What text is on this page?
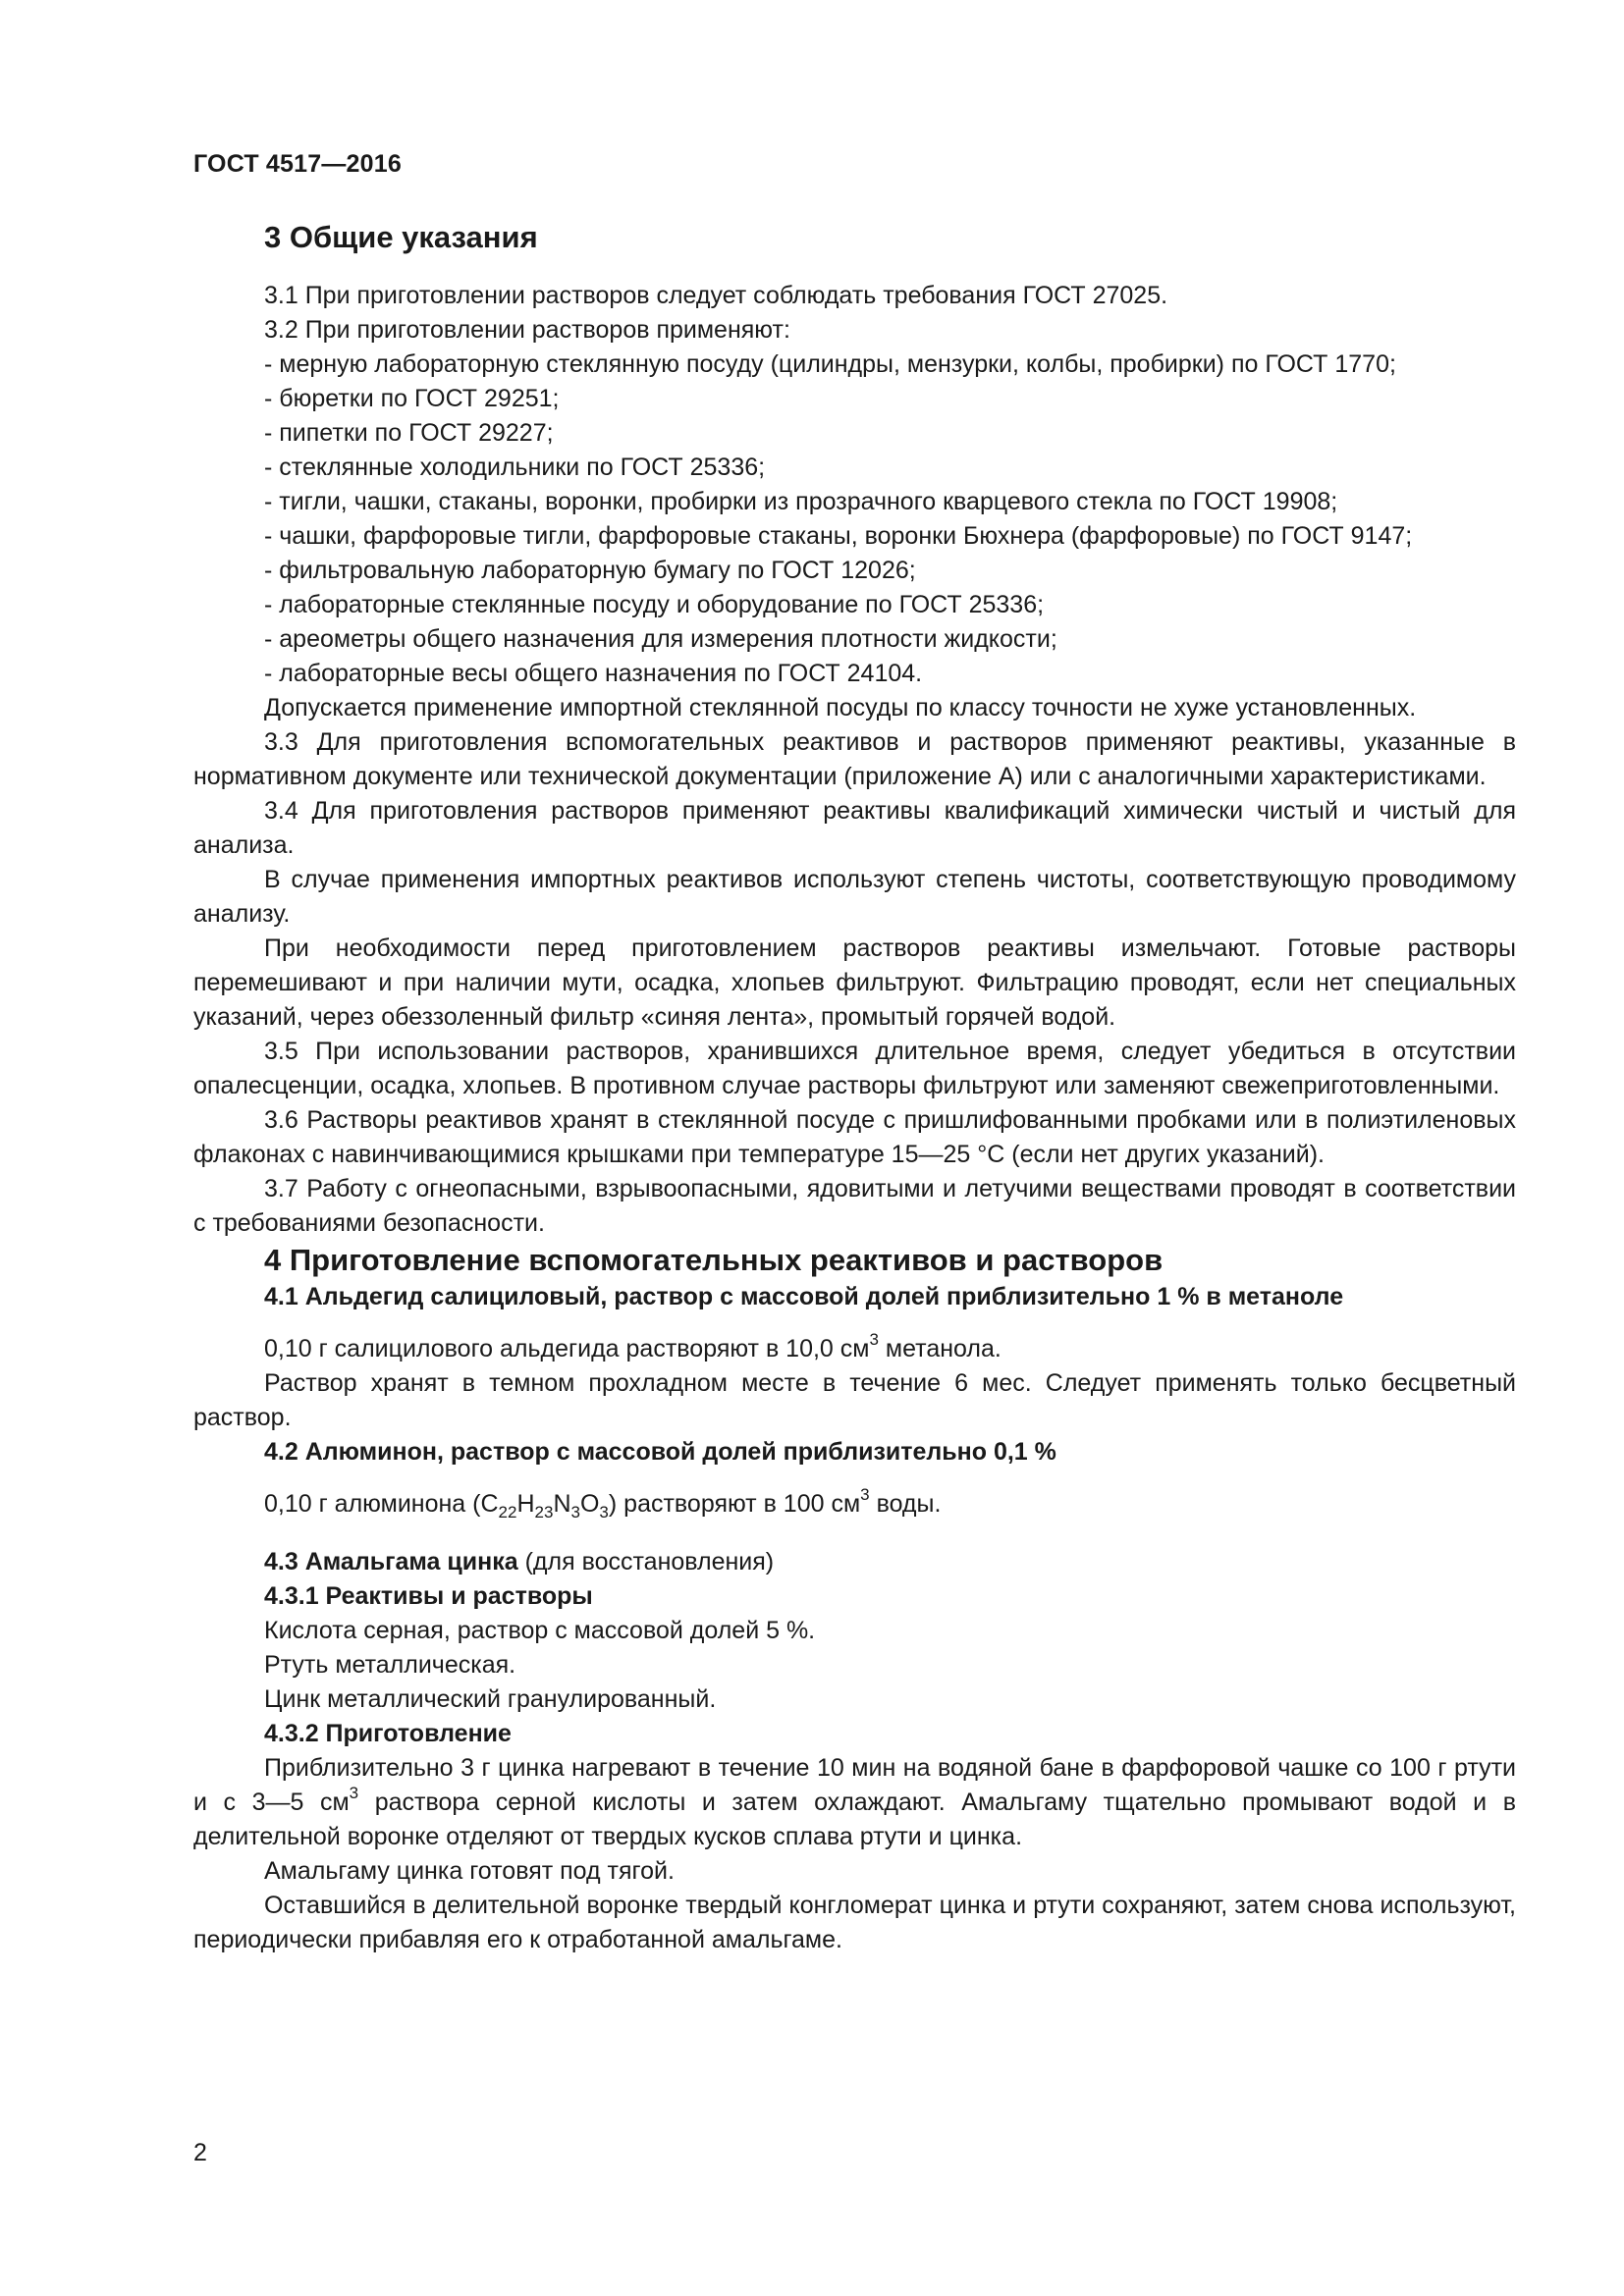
ГОСТ 4517—2016
3 Общие указания

3.1 При приготовлении растворов следует соблюдать требования ГОСТ 27025.

3.2 При приготовлении растворов применяют:

- мерную лабораторную стеклянную посуду (цилиндры, мензурки, колбы, пробирки) по ГОСТ 1770;

- бюретки по ГОСТ 29251;

- пипетки по ГОСТ 29227;

- стеклянные холодильники по ГОСТ 25336;

- тигли, чашки, стаканы, воронки, пробирки из прозрачного кварцевого стекла по ГОСТ 19908;

- чашки, фарфоровые тигли, фарфоровые стаканы, воронки Бюхнера (фарфоровые) по ГОСТ 9147;

- фильтровальную лабораторную бумагу по ГОСТ 12026;

- лабораторные стеклянные посуду и оборудование по ГОСТ 25336;

- ареометры общего назначения для измерения плотности жидкости;

- лабораторные весы общего назначения по ГОСТ 24104.

Допускается применение импортной стеклянной посуды по классу точности не хуже установленных.

3.3 Для приготовления вспомогательных реактивов и растворов применяют реактивы, указанные в нормативном документе или технической документации (приложение А) или с аналогичными характеристиками.

3.4 Для приготовления растворов применяют реактивы квалификаций химически чистый и чистый для анализа.

В случае применения импортных реактивов используют степень чистоты, соответствующую проводимому анализу.

При необходимости перед приготовлением растворов реактивы измельчают. Готовые растворы перемешивают и при наличии мути, осадка, хлопьев фильтруют. Фильтрацию проводят, если нет специальных указаний, через обеззоленный фильтр «синяя лента», промытый горячей водой.

3.5 При использовании растворов, хранившихся длительное время, следует убедиться в отсутствии опалесценции, осадка, хлопьев. В противном случае растворы фильтруют или заменяют свежеприготовленными.

3.6 Растворы реактивов хранят в стеклянной посуде с пришлифованными пробками или в полиэтиленовых флаконах с навинчивающимися крышками при температуре 15—25 °С (если нет других указаний).

3.7 Работу с огнеопасными, взрывоопасными, ядовитыми и летучими веществами проводят в соответствии с требованиями безопасности.

4 Приготовление вспомогательных реактивов и растворов
4.1 Альдегид салициловый, раствор с массовой долей приблизительно 1 % в метаноле

0,10 г салицилового альдегида растворяют в 10,0 $см^3$ метанола.

Раствор хранят в темном прохладном месте в течение 6 мес. Следует применять только бесцветный раствор.

4.2 Алюминон, раствор с массовой долей приблизительно 0,1 %

0,10 г алюминона $(С_{22}Н_{23}N_3O_3)$ растворяют в 100 $см^3$ воды.

4.3 Амальгама цинка (для восстановления)

4.3.1 Реактивы и растворы

Кислота серная, раствор с массовой долей 5 %.

Ртуть металлическая.

Цинк металлический гранулированный.

4.3.2 Приготовление

Приблизительно 3 г цинка нагревают в течение 10 мин на водяной бане в фарфоровой чашке со 100 г ртути и с 3—5 $см^3$ раствора серной кислоты и затем охлаждают. Амальгаму тщательно промывают водой и в делительной воронке отделяют от твердых кусков сплава ртути и цинка.

Амальгаму цинка готовят под тягой.

Оставшийся в делительной воронке твердый конгломерат цинка и ртути сохраняют, затем снова используют, периодически прибавляя его к отработанной амальгаме.

2
